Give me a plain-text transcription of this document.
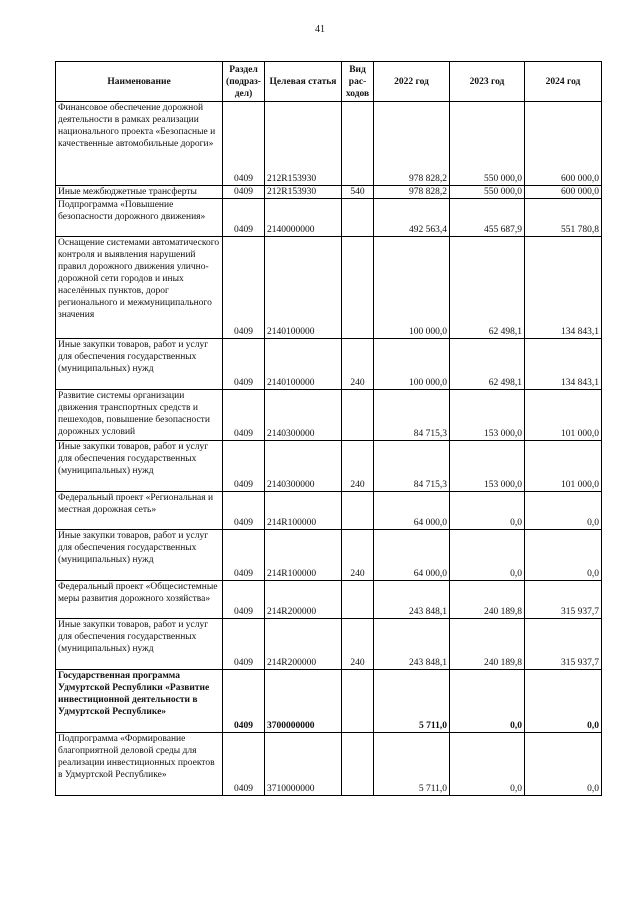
41
Наименование	Раздел (подраз- дел)	Целевая статья	Вид рас- ходов	2022 год	2023 год	2024 год
Финансовое обеспечение дорожной деятельности в рамках реализации национального проекта «Безопасные и качественные автомобильные дороги»	0409	212R153930		978 828,2	550 000,0	600 000,0
Иные межбюджетные трансферты	0409	212R153930	540	978 828,2	550 000,0	600 000,0
Подпрограмма «Повышение безопасности дорожного движения»	0409	2140000000		492 563,4	455 687,9	551 780,8
Оснащение системами автоматического контроля и выявления нарушений правил дорожного движения улично-дорожной сети городов и иных населённых пунктов, дорог регионального и межмуниципального значения	0409	2140100000		100 000,0	62 498,1	134 843,1
Иные закупки товаров, работ и услуг для обеспечения государственных (муниципальных) нужд	0409	2140100000	240	100 000,0	62 498,1	134 843,1
Развитие системы организации движения транспортных средств и пешеходов, повышение безопасности дорожных условий	0409	2140300000		84 715,3	153 000,0	101 000,0
Иные закупки товаров, работ и услуг для обеспечения государственных (муниципальных) нужд	0409	2140300000	240	84 715,3	153 000,0	101 000,0
Федеральный проект «Региональная и местная дорожная сеть»	0409	214R100000		64 000,0	0,0	0,0
Иные закупки товаров, работ и услуг для обеспечения государственных (муниципальных) нужд	0409	214R100000	240	64 000,0	0,0	0,0
Федеральный проект «Общесистемные меры развития дорожного хозяйства»	0409	214R200000		243 848,1	240 189,8	315 937,7
Иные закупки товаров, работ и услуг для обеспечения государственных (муниципальных) нужд	0409	214R200000	240	243 848,1	240 189,8	315 937,7
Государственная программа Удмуртской Республики «Развитие инвестиционной деятельности в Удмуртской Республике»	0409	3700000000		5 711,0	0,0	0,0
Подпрограмма «Формирование благоприятной деловой среды для реализации инвестиционных проектов в Удмуртской Республике»	0409	3710000000		5 711,0	0,0	0,0
